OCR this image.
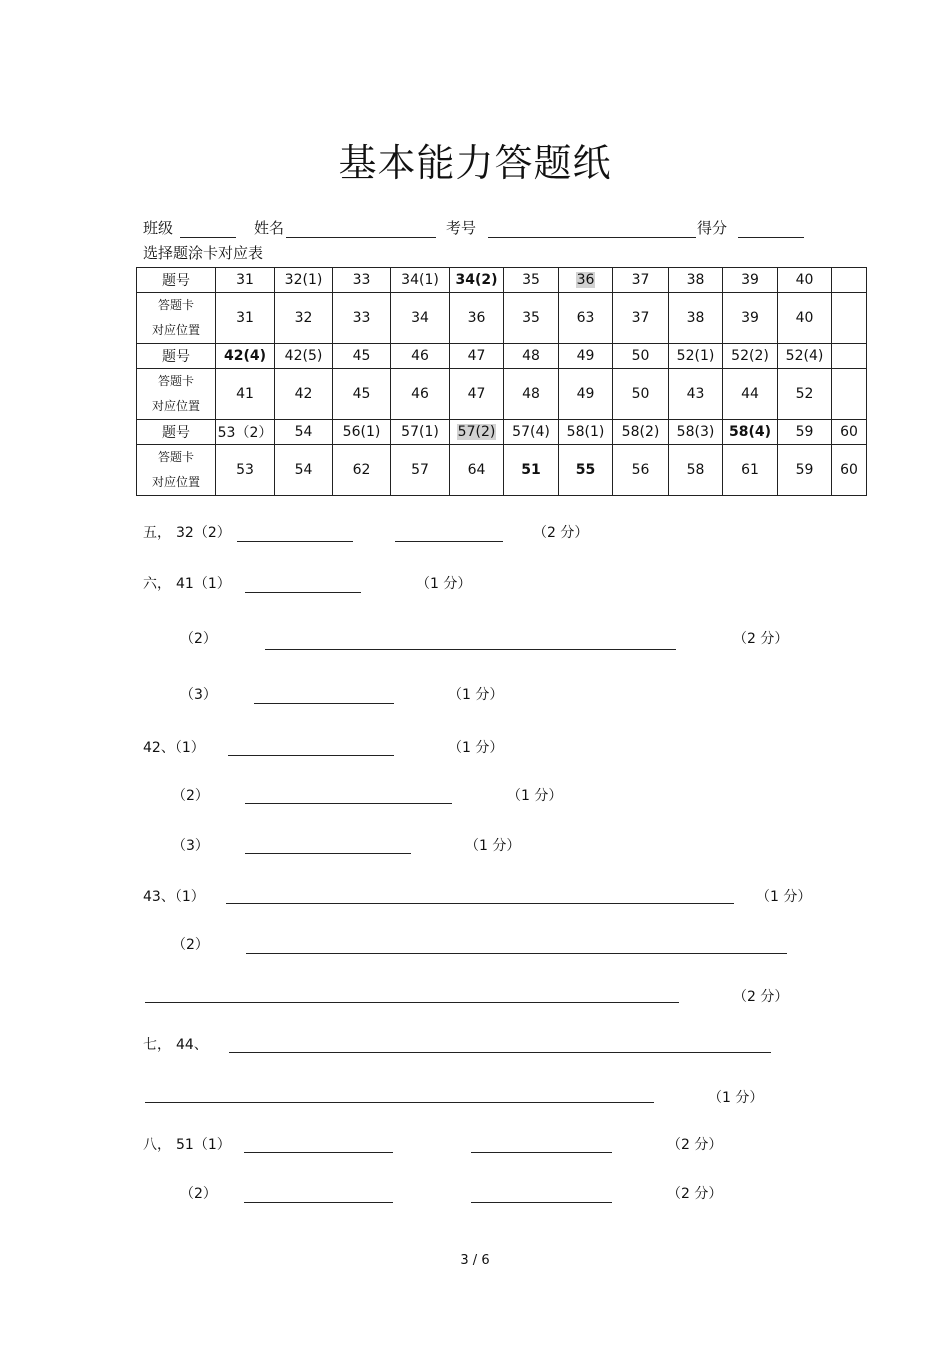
基本能力答题纸
班级	姓名	考号	得分
选择题涂卡对应表
题号	31	32(1)	33	34(1)	34(2)	35	36	37	38	39	40	
答题卡
对应位置	31	32	33	34	36	35	63	37	38	39	40	
题号	42(4)	42(5)	45	46	47	48	49	50	52(1)	52(2)	52(4)	
答题卡
对应位置	41	42	45	46	47	48	49	50	43	44	52	
题号	53（2）	54	56(1)	57(1)	57(2)	57(4)	58(1)	58(2)	58(3)	58(4)	59	60
答题卡
对应位置	53	54	62	57	64	51	55	56	58	61	59	60
五， 32（2）	（2 分）
六， 41（1）	（1 分）
（2）	（2 分）
（3）	（1 分）
42、（1）	（1 分）
（2）	（1 分）
（3）	（1 分）
43、（1）	（1 分）
（2）
（2 分）
七， 44、
（1 分）
八， 51（1）	（2 分）
（2）	（2 分）
3 / 6
